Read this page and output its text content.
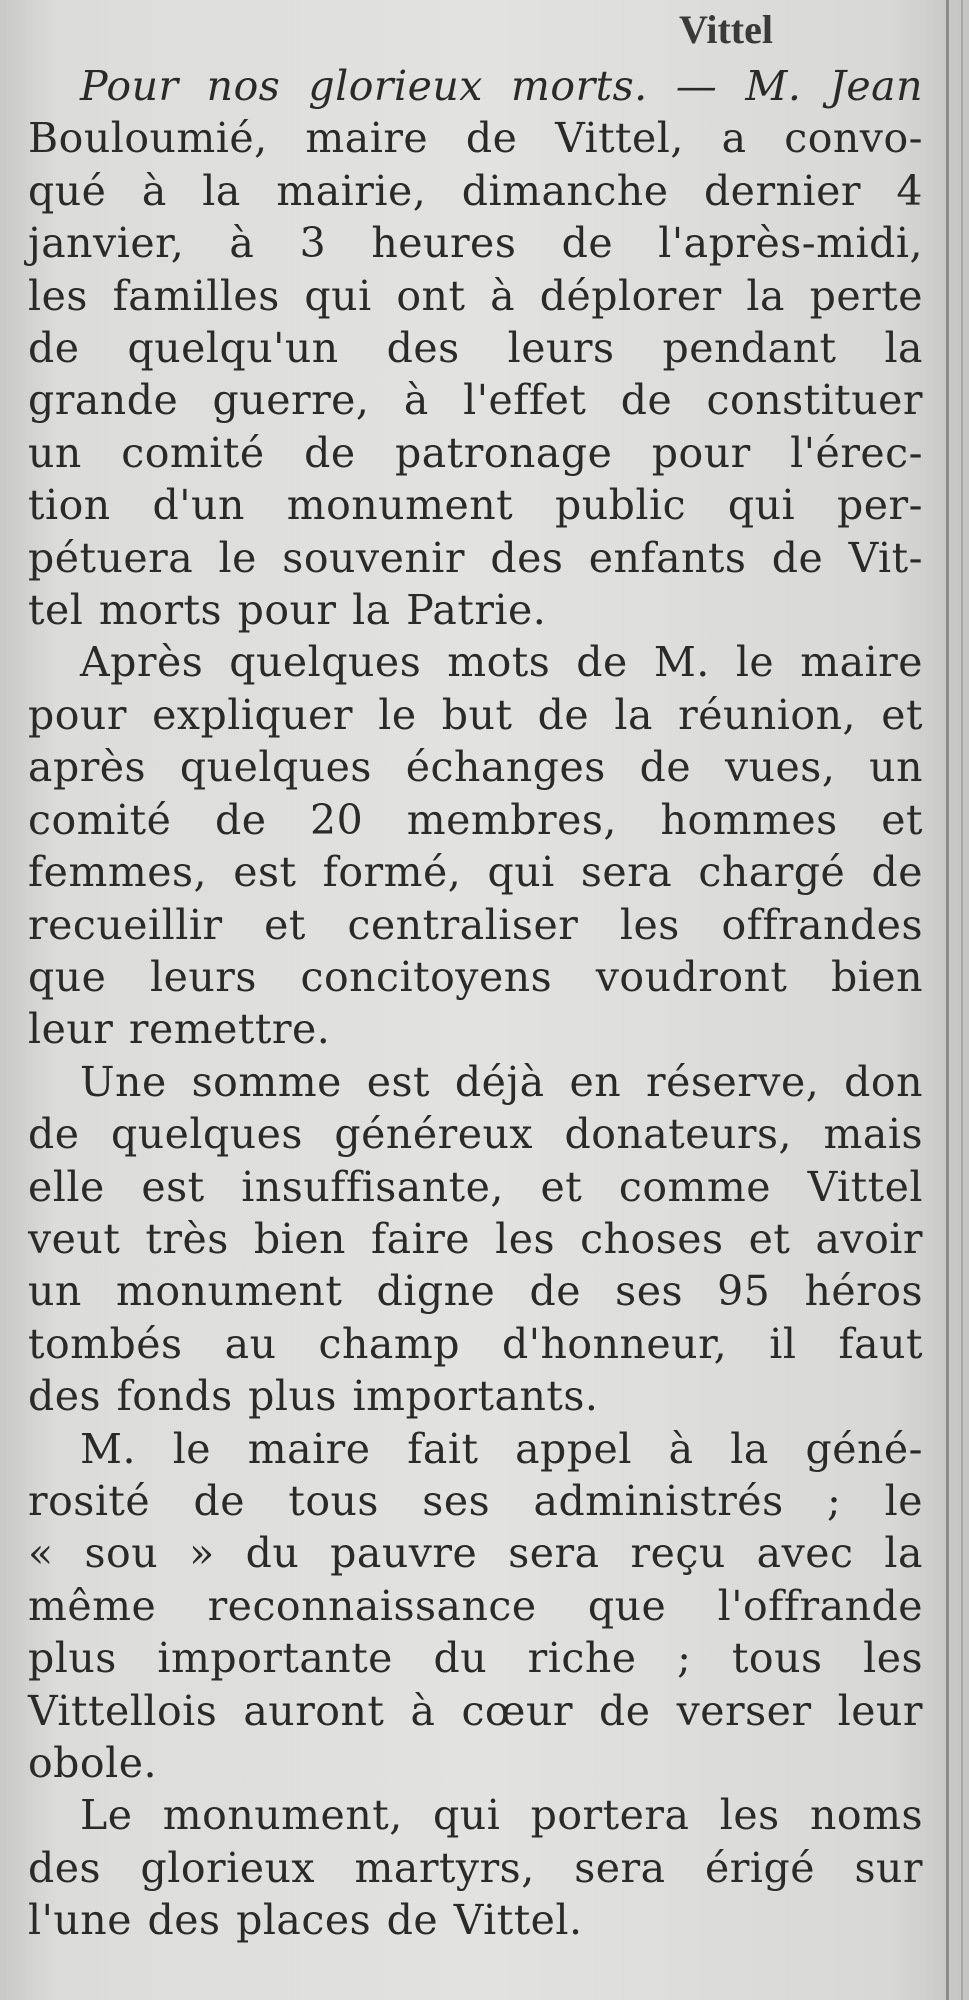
Vittel

Pour nos glorieux morts. — M. Jean
Bouloumié, maire de Vittel, a convo-
qué à la mairie, dimanche dernier 4
janvier, à 3 heures de l'après-midi,
les familles qui ont à déplorer la perte
de quelqu'un des leurs pendant la
grande guerre, à l'effet de constituer
un comité de patronage pour l'érec-
tion d'un monument public qui per-
pétuera le souvenir des enfants de Vit-
tel morts pour la Patrie.

Après quelques mots de M. le maire
pour expliquer le but de la réunion, et
après quelques échanges de vues, un
comité de 20 membres, hommes et
femmes, est formé, qui sera chargé de
recueillir et centraliser les offrandes
que leurs concitoyens voudront bien
leur remettre.

Une somme est déjà en réserve, don
de quelques généreux donateurs, mais
elle est insuffisante, et comme Vittel
veut très bien faire les choses et avoir
un monument digne de ses 95 héros
tombés au champ d'honneur, il faut
des fonds plus importants.

M. le maire fait appel à la géné-
rosité de tous ses administrés ; le
« sou » du pauvre sera reçu avec la
même reconnaissance que l'offrande
plus importante du riche ; tous les
Vittellois auront à cœur de verser leur
obole.

Le monument, qui portera les noms
des glorieux martyrs, sera érigé sur
l'une des places de Vittel.
